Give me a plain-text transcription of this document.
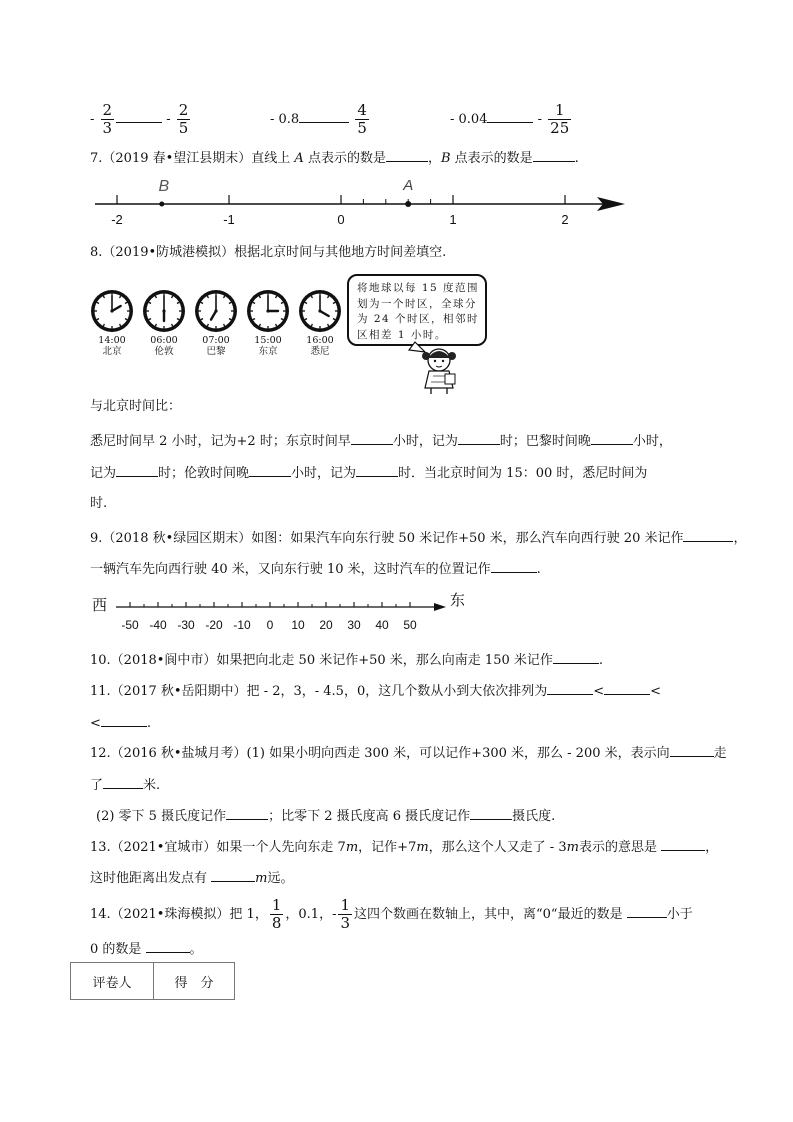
- $\frac{2}{3}$	- $\frac{2}{5}$	- 0.8	$\frac{4}{5}$	- 0.04	- $\frac{1}{25}$
7.（2019 春•望江县期末）直线上 A 点表示的数是	，B 点表示的数是	.
-2	-1	0	1	2
A
B
8.（2019•防城港模拟）根据北京时间与其他地方时间差填空.
14:00
北京
06:00
伦敦
07:00
巴黎
15:00
东京
16:00
悉尼
将地球以每 15 度范围划为一个时区，全球分为 24 个时区，相邻时区相差 1 小时。
与北京时间比：
悉尼时间早 2 小时，记为+2 时；东京时间早	小时，记为	时；巴黎时间晚	小时，
记为	时；伦敦时间晚	小时，记为	时．当北京时间为 15：00 时，悉尼时间为
时.
9.（2018 秋•绿园区期末）如图：如果汽车向东行驶 50 米记作+50 米，那么汽车向西行驶 20 米记作	，
一辆汽车先向西行驶 40 米，又向东行驶 10 米，这时汽车的位置记作	.
西	东
-50 -40 -30 -20 -10 0 10 20 30 40 50
10.（2018•阆中市）如果把向北走 50 米记作+50 米，那么向南走 150 米记作	.
11.（2017 秋•岳阳期中）把 - 2，3，- 4.5，0，这几个数从小到大依次排列为	<	<
<	.
12.（2016 秋•盐城月考）(1) 如果小明向西走 300 米，可以记作+300 米，那么 - 200 米，表示向	走
了	米.
(2) 零下 5 摄氏度记作	；比零下 2 摄氏度高 6 摄氏度记作	摄氏度.
13.（2021•宜城市）如果一个人先向东走 7m，记作+7m，那么这个人又走了 - 3m表示的意思是	，
这时他距离出发点有	m远。
14.（2021•珠海模拟）把 1， $\frac{1}{8}$ ，0.1，- $\frac{1}{3}$ 这四个数画在数轴上，其中，离“0“最近的数是	小于
0 的数是	。
评卷人	得　分
